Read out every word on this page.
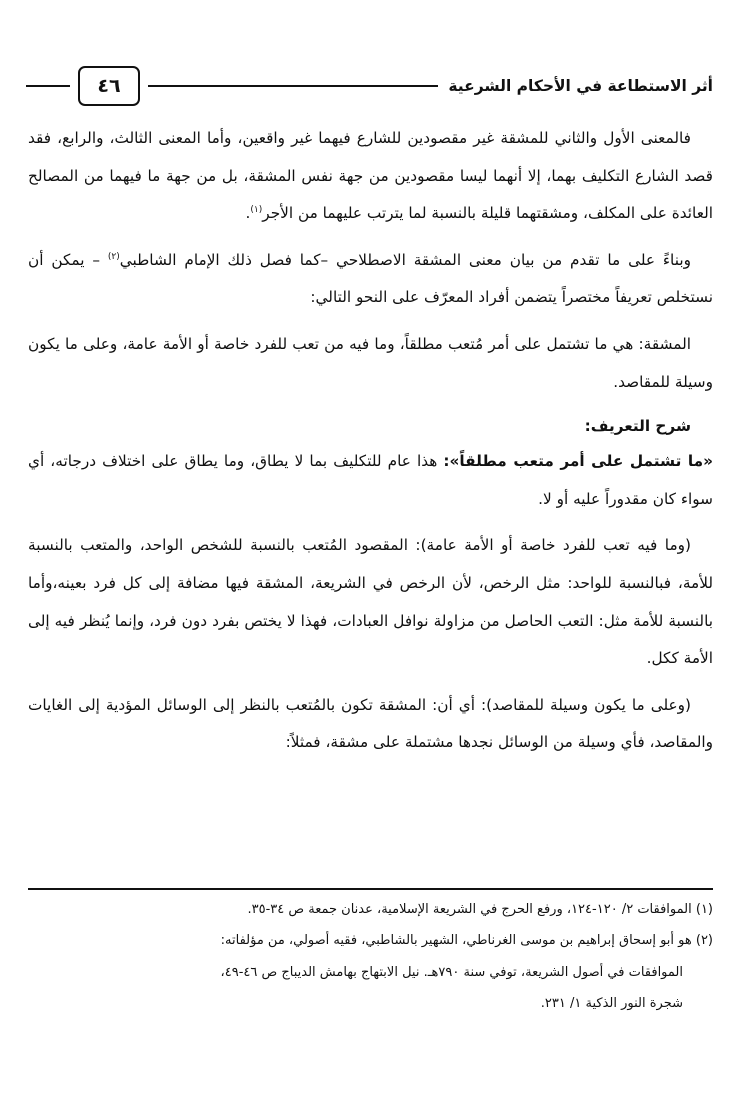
أثر الاستطاعة في الأحكام الشرعية
٤٦

فالمعنى الأول والثاني للمشقة غير مقصودين للشارع فيهما غير واقعين، وأما المعنى الثالث، والرابع، فقد قصد الشارع التكليف بهما، إلا أنهما ليسا مقصودين من جهة نفس المشقة، بل من جهة ما فيهما من المصالح العائدة على المكلف، ومشقتهما قليلة بالنسبة لما يترتب عليهما من الأجر$^{(١)}$.

وبناءً على ما تقدم من بيان معنى المشقة الاصطلاحي –كما فصل ذلك الإمام الشاطبي$^{(٢)}$ – يمكن أن نستخلص تعريفاً مختصراً يتضمن أفراد المعرّف على النحو التالي:

المشقة: هي ما تشتمل على أمر مُتعب مطلقاً، وما فيه من تعب للفرد خاصة أو الأمة عامة، وعلى ما يكون وسيلة للمقاصد.

شرح التعريف:

«ما تشتمل على أمر متعب مطلقاً»: هذا عام للتكليف بما لا يطاق، وما يطاق على اختلاف درجاته، أي سواء كان مقدوراً عليه أو لا.

(وما فيه تعب للفرد خاصة أو الأمة عامة): المقصود المُتعب بالنسبة للشخص الواحد، والمتعب بالنسبة للأمة، فبالنسبة للواحد: مثل الرخص، لأن الرخص في الشريعة، المشقة فيها مضافة إلى كل فرد بعينه،وأما بالنسبة للأمة مثل: التعب الحاصل من مزاولة نوافل العبادات، فهذا لا يختص بفرد دون فرد، وإنما يُنظر فيه إلى الأمة ككل.

(وعلى ما يكون وسيلة للمقاصد): أي أن: المشقة تكون بالمُتعب بالنظر إلى الوسائل المؤدية إلى الغايات والمقاصد، فأي وسيلة من الوسائل نجدها مشتملة على مشقة، فمثلاً:

(١) الموافقات ٢/ ١٢٠-١٢٤، ورفع الحرج في الشريعة الإسلامية، عدنان جمعة ص ٣٤-٣٥.

(٢) هو أبو إسحاق إبراهيم بن موسى الغرناطي، الشهير بالشاطبي، فقيه أصولي، من مؤلفاته:

الموافقات في أصول الشريعة، توفي سنة ٧٩٠هـ. نيل الابتهاج بهامش الديباج ص ٤٦-٤٩،

شجرة النور الذكية ١/ ٢٣١.
